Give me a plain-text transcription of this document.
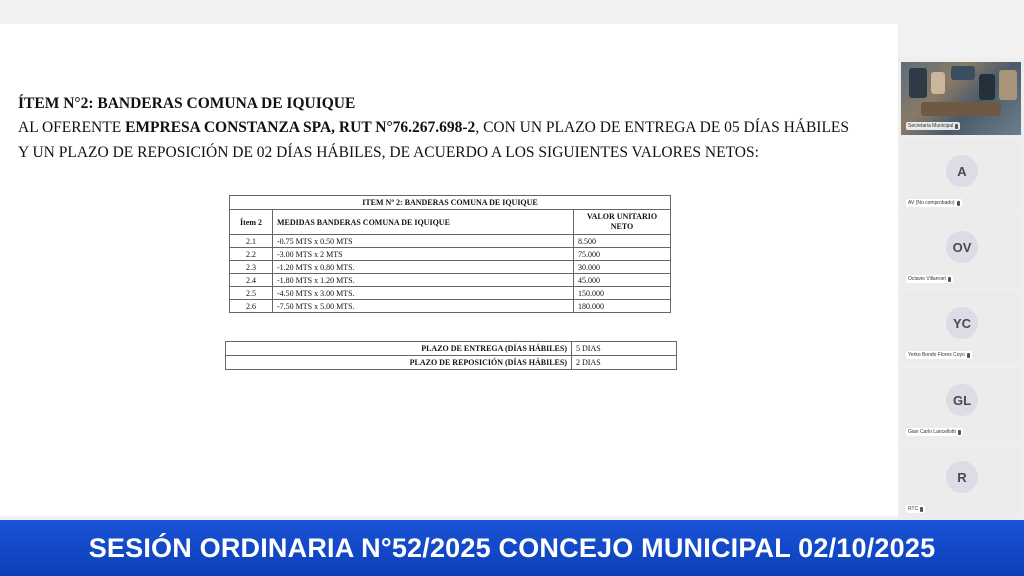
ÍTEM N°2: BANDERAS COMUNA DE IQUIQUE
AL OFERENTE EMPRESA CONSTANZA SPA, RUT N°76.267.698-2, CON UN PLAZO DE ENTREGA DE 05 DÍAS HÁBILES
Y UN PLAZO DE REPOSICIÓN DE 02 DÍAS HÁBILES, DE ACUERDO A LOS SIGUIENTES VALORES NETOS:
ITEM Nº 2: BANDERAS COMUNA DE IQUIQUE		
Ítem 2	MEDIDAS BANDERAS COMUNA DE IQUIQUE	VALOR UNITARIO NETO
2.1	-0.75 MTS x 0.50 MTS	8.500
2.2	-3.00 MTS x 2 MTS	75.000
2.3	-1.20 MTS x 0.80 MTS.	30.000
2.4	-1.80 MTS x 1.20 MTS.	45.000
2.5	-4.50 MTS x 3.00 MTS.	150.000
2.6	-7.50 MTS x 5.00 MTS.	180.000
PLAZO DE ENTREGA (DÍAS HÁBILES)	5 DIAS
PLAZO DE REPOSICIÓN (DÍAS HÁBILES)	2 DIAS
Secretaria Municipal
A
AV (No comprobado)
OV
Octavio Villarroel
YC
Yerko Bondo Flores Coyo
GL
Gian Carlo Lancellotti
R
RTC
SESIÓN ORDINARIA N°52/2025 CONCEJO MUNICIPAL 02/10/2025
